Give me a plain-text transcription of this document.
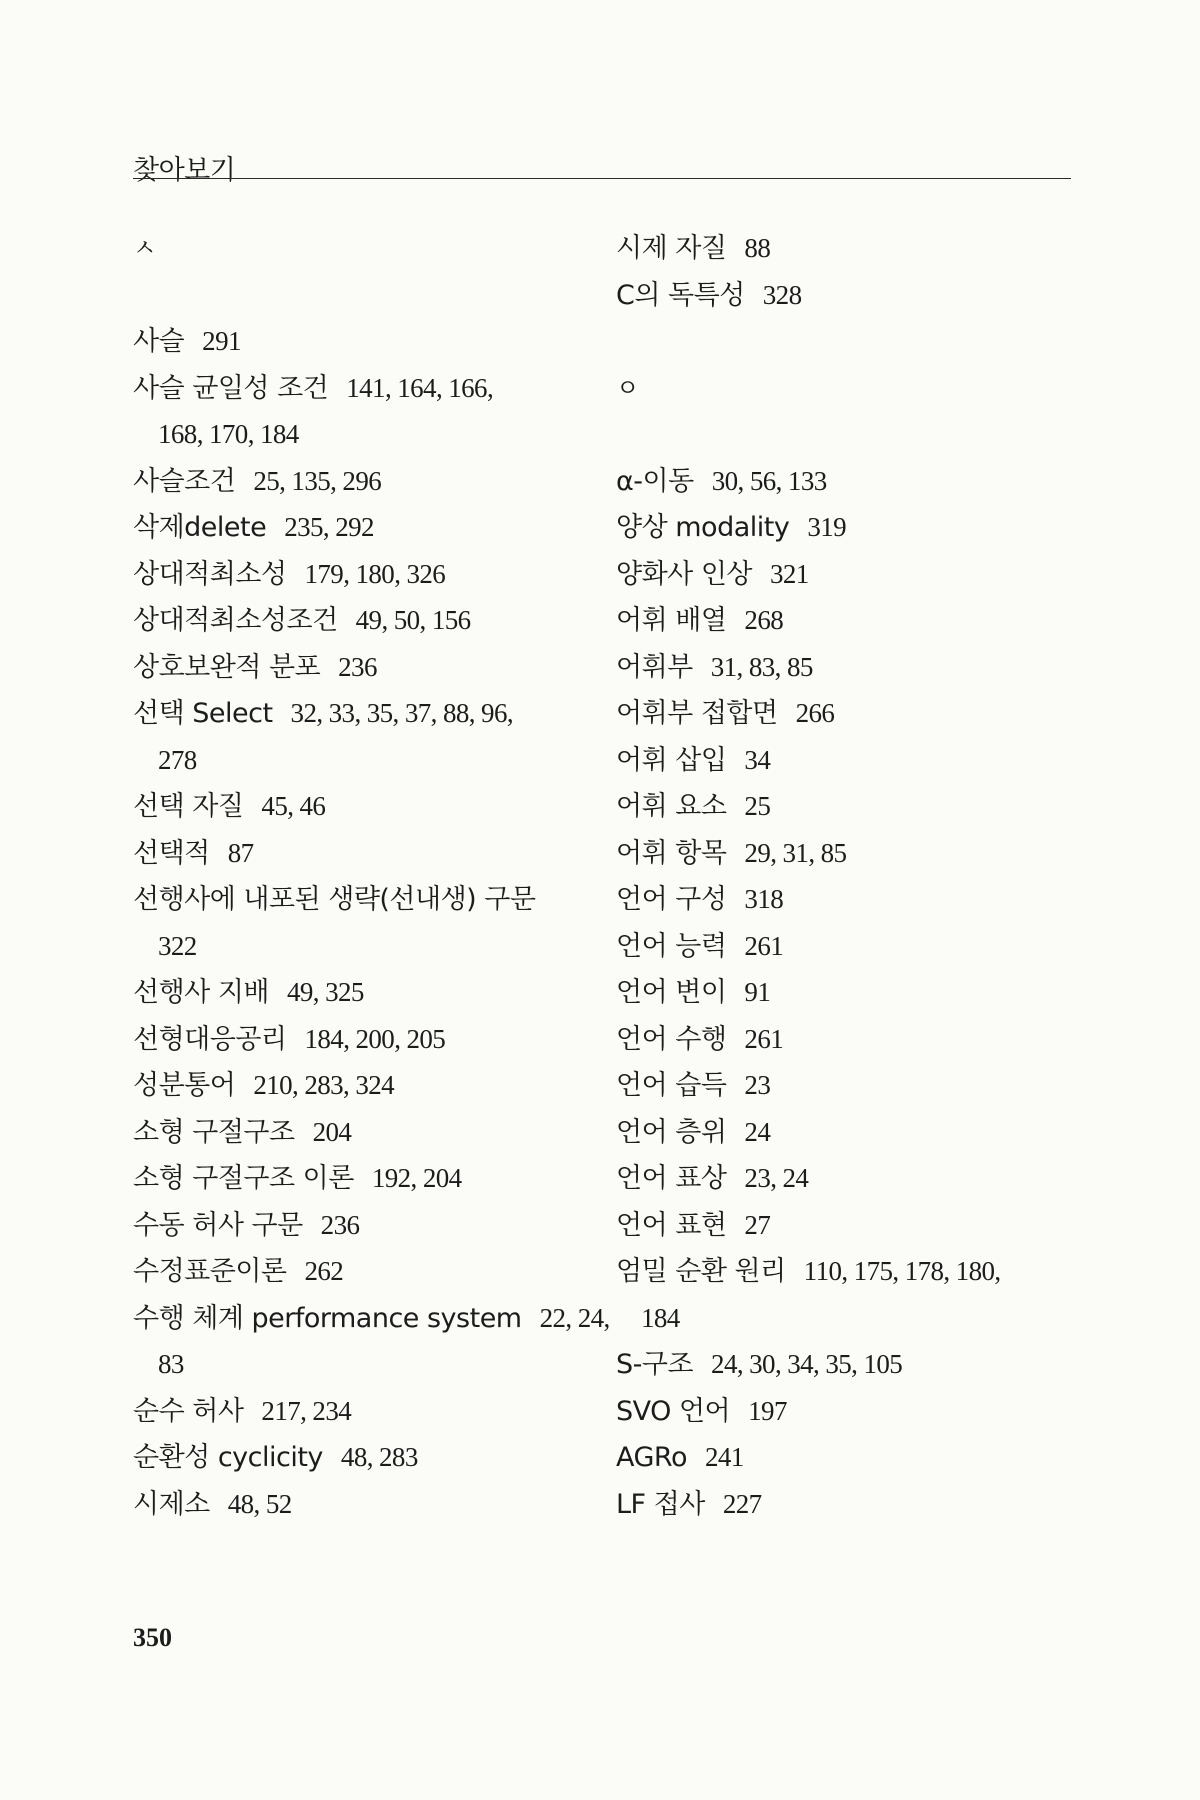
찾아보기
ㅅ
사슬 291
사슬 균일성 조건 141, 164, 166,
168, 170, 184
사슬조건 25, 135, 296
삭제delete 235, 292
상대적최소성 179, 180, 326
상대적최소성조건 49, 50, 156
상호보완적 분포 236
선택 Select 32, 33, 35, 37, 88, 96,
278
선택 자질 45, 46
선택적 87
선행사에 내포된 생략(선내생) 구문
322
선행사 지배 49, 325
선형대응공리 184, 200, 205
성분통어 210, 283, 324
소형 구절구조 204
소형 구절구조 이론 192, 204
수동 허사 구문 236
수정표준이론 262
수행 체계 performance system 22, 24,
83
순수 허사 217, 234
순환성 cyclicity 48, 283
시제소 48, 52
시제 자질 88
C의 독특성 328
ㅇ
α-이동 30, 56, 133
양상 modality 319
양화사 인상 321
어휘 배열 268
어휘부 31, 83, 85
어휘부 접합면 266
어휘 삽입 34
어휘 요소 25
어휘 항목 29, 31, 85
언어 구성 318
언어 능력 261
언어 변이 91
언어 수행 261
언어 습득 23
언어 층위 24
언어 표상 23, 24
언어 표현 27
엄밀 순환 원리 110, 175, 178, 180,
184
S-구조 24, 30, 34, 35, 105
SVO 언어 197
AGRo 241
LF 접사 227
350
